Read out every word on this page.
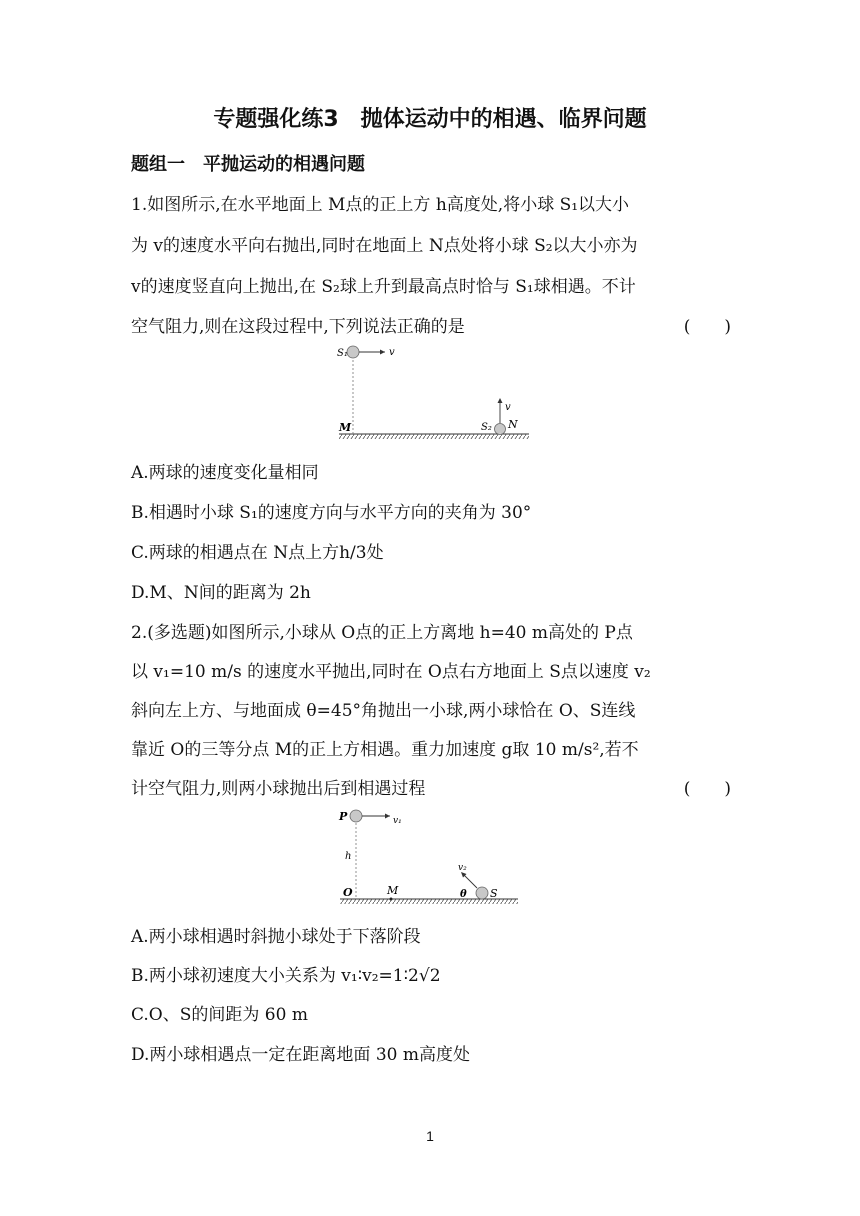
专题强化练3　抛体运动中的相遇、临界问题
题组一　平抛运动的相遇问题
1.如图所示,在水平地面上 M点的正上方 h高度处,将小球 S₁以大小
为 v的速度水平向右抛出,同时在地面上 N点处将小球 S₂以大小亦为
v的速度竖直向上抛出,在 S₂球上升到最高点时恰与 S₁球相遇。不计
空气阻力,则在这段过程中,下列说法正确的是	(　　)
S₁	v
v
M	S₂ N
A.两球的速度变化量相同
B.相遇时小球 S₁的速度方向与水平方向的夹角为 30°
C.两球的相遇点在 N点上方h/3处
D.M、N间的距离为 2h
2.(多选题)如图所示,小球从 O点的正上方离地 h=40 m高处的 P点
以 v₁=10 m/s 的速度水平抛出,同时在 O点右方地面上 S点以速度 v₂
斜向左上方、与地面成 θ=45°角抛出一小球,两小球恰在 O、S连线
靠近 O的三等分点 M的正上方相遇。重力加速度 g取 10 m/s²,若不
计空气阻力,则两小球抛出后到相遇过程	(　　)
P	v₁
h
O	M
v₂
θ S
A.两小球相遇时斜抛小球处于下落阶段
B.两小球初速度大小关系为 v₁∶v₂=1∶2√2
C.O、S的间距为 60 m
D.两小球相遇点一定在距离地面 30 m高度处
1
